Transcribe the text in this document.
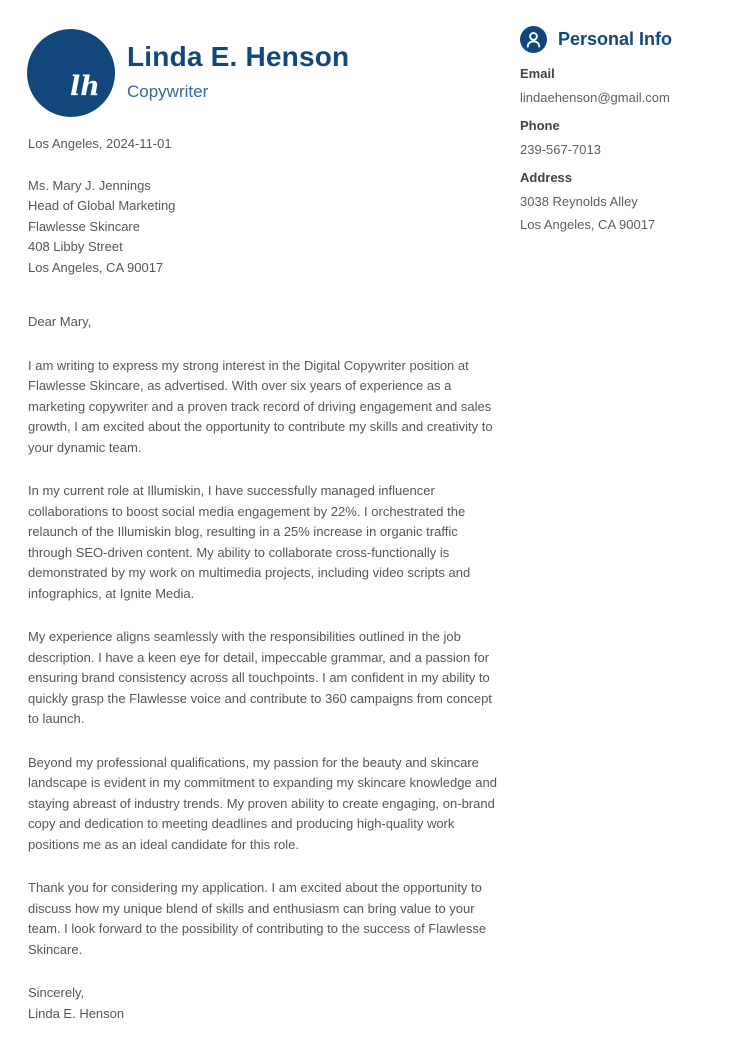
lh
Linda E. Henson
Copywriter
Personal Info
Email
lindaehenson@gmail.com
Phone
239-567-7013
Address
3038 Reynolds Alley
Los Angeles, CA 90017
Los Angeles, 2024-11-01
Ms. Mary J. Jennings
Head of Global Marketing
Flawlesse Skincare
408 Libby Street
Los Angeles, CA 90017

Dear Mary,

I am writing to express my strong interest in the Digital Copywriter position at Flawlesse Skincare, as advertised. With over six years of experience as a marketing copywriter and a proven track record of driving engagement and sales growth, I am excited about the opportunity to contribute my skills and creativity to your dynamic team.

In my current role at Illumiskin, I have successfully managed influencer collaborations to boost social media engagement by 22%. I orchestrated the relaunch of the Illumiskin blog, resulting in a 25% increase in organic traffic through SEO-driven content. My ability to collaborate cross-functionally is demonstrated by my work on multimedia projects, including video scripts and infographics, at Ignite Media.

My experience aligns seamlessly with the responsibilities outlined in the job description. I have a keen eye for detail, impeccable grammar, and a passion for ensuring brand consistency across all touchpoints. I am confident in my ability to quickly grasp the Flawlesse voice and contribute to 360 campaigns from concept to launch.

Beyond my professional qualifications, my passion for the beauty and skincare landscape is evident in my commitment to expanding my skincare knowledge and staying abreast of industry trends. My proven ability to create engaging, on-brand copy and dedication to meeting deadlines and producing high-quality work positions me as an ideal candidate for this role.

Thank you for considering my application. I am excited about the opportunity to discuss how my unique blend of skills and enthusiasm can bring value to your team. I look forward to the possibility of contributing to the success of Flawlesse Skincare.

Sincerely,
Linda E. Henson
